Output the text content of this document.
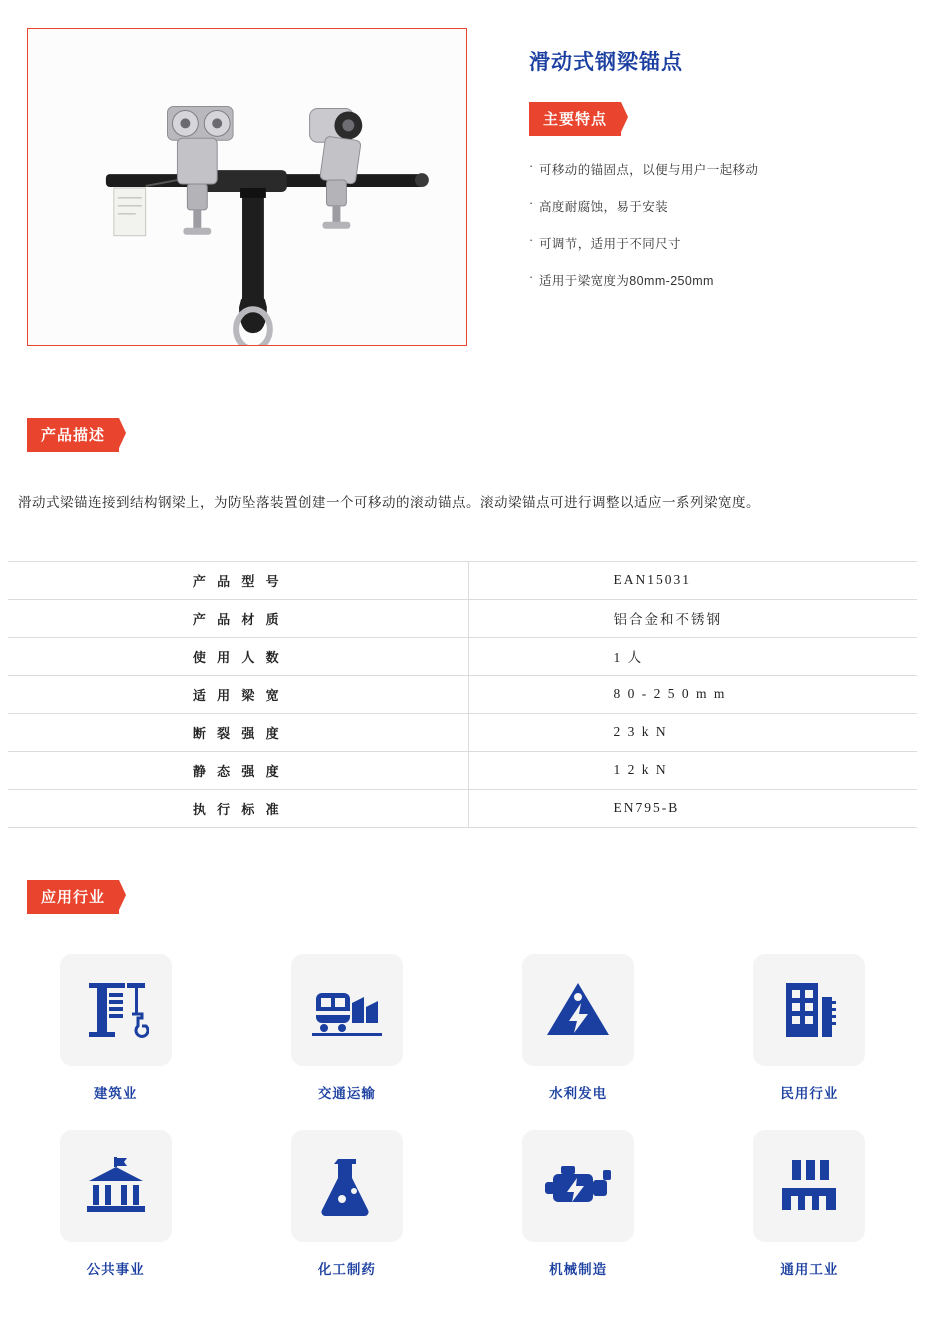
滑动式钢梁锚点
主要特点
· 可移动的锚固点，以便与用户一起移动
· 高度耐腐蚀，易于安装
· 可调节，适用于不同尺寸
· 适用于梁宽度为80mm-250mm
产品描述

滑动式梁锚连接到结构钢梁上，为防坠落装置创建一个可移动的滚动锚点。滚动梁锚点可进行调整以适应一系列梁宽度。

产 品 型 号	EAN15031
产 品 材 质	铝合金和不锈钢
使 用 人 数	1 人
适 用 梁 宽	8 0 - 2 5 0 m m
断 裂 强 度	2 3 k N
静 态 强 度	1 2 k N
执 行 标 准	EN795-B
应用行业
建筑业	交通运输	水利发电	民用行业
公共事业	化工制药	机械制造	通用工业
